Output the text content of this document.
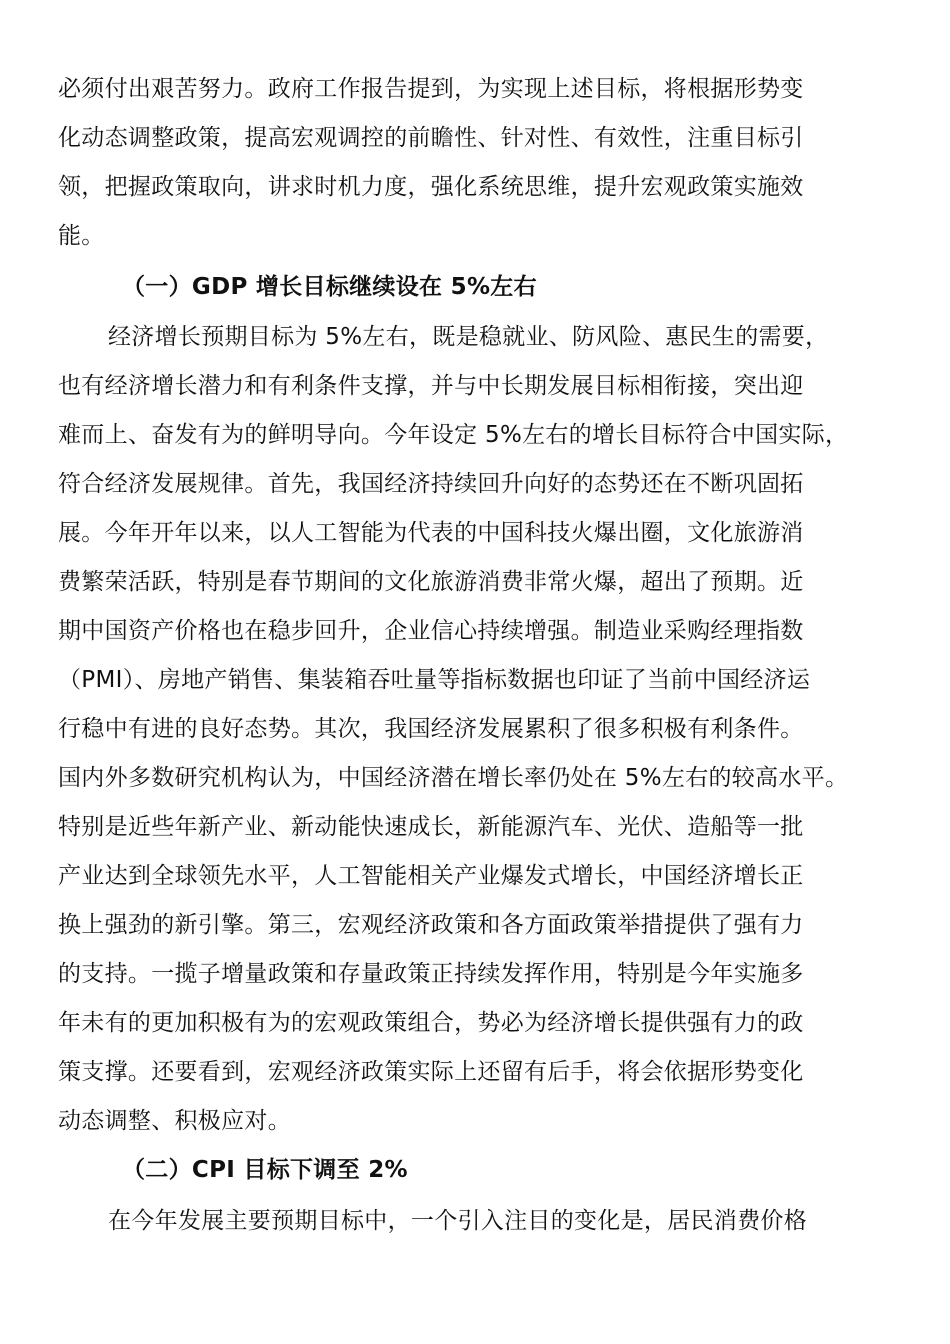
必须付出艰苦努力。政府工作报告提到，为实现上述目标，将根据形势变
化动态调整政策，提高宏观调控的前瞻性、针对性、有效性，注重目标引
领，把握政策取向，讲求时机力度，强化系统思维，提升宏观政策实施效
能。
（一）GDP 增长目标继续设在 5%左右
经济增长预期目标为 5%左右，既是稳就业、防风险、惠民生的需要，
也有经济增长潜力和有利条件支撑，并与中长期发展目标相衔接，突出迎
难而上、奋发有为的鲜明导向。今年设定 5%左右的增长目标符合中国实际，
符合经济发展规律。首先，我国经济持续回升向好的态势还在不断巩固拓
展。今年开年以来，以人工智能为代表的中国科技火爆出圈，文化旅游消
费繁荣活跃，特别是春节期间的文化旅游消费非常火爆，超出了预期。近
期中国资产价格也在稳步回升，企业信心持续增强。制造业采购经理指数
（PMI）、房地产销售、集装箱吞吐量等指标数据也印证了当前中国经济运
行稳中有进的良好态势。其次，我国经济发展累积了很多积极有利条件。
国内外多数研究机构认为，中国经济潜在增长率仍处在 5%左右的较高水平。
特别是近些年新产业、新动能快速成长，新能源汽车、光伏、造船等一批
产业达到全球领先水平，人工智能相关产业爆发式增长，中国经济增长正
换上强劲的新引擎。第三，宏观经济政策和各方面政策举措提供了强有力
的支持。一揽子增量政策和存量政策正持续发挥作用，特别是今年实施多
年未有的更加积极有为的宏观政策组合，势必为经济增长提供强有力的政
策支撑。还要看到，宏观经济政策实际上还留有后手，将会依据形势变化
动态调整、积极应对。
（二）CPI 目标下调至 2%
在今年发展主要预期目标中，一个引入注目的变化是，居民消费价格
